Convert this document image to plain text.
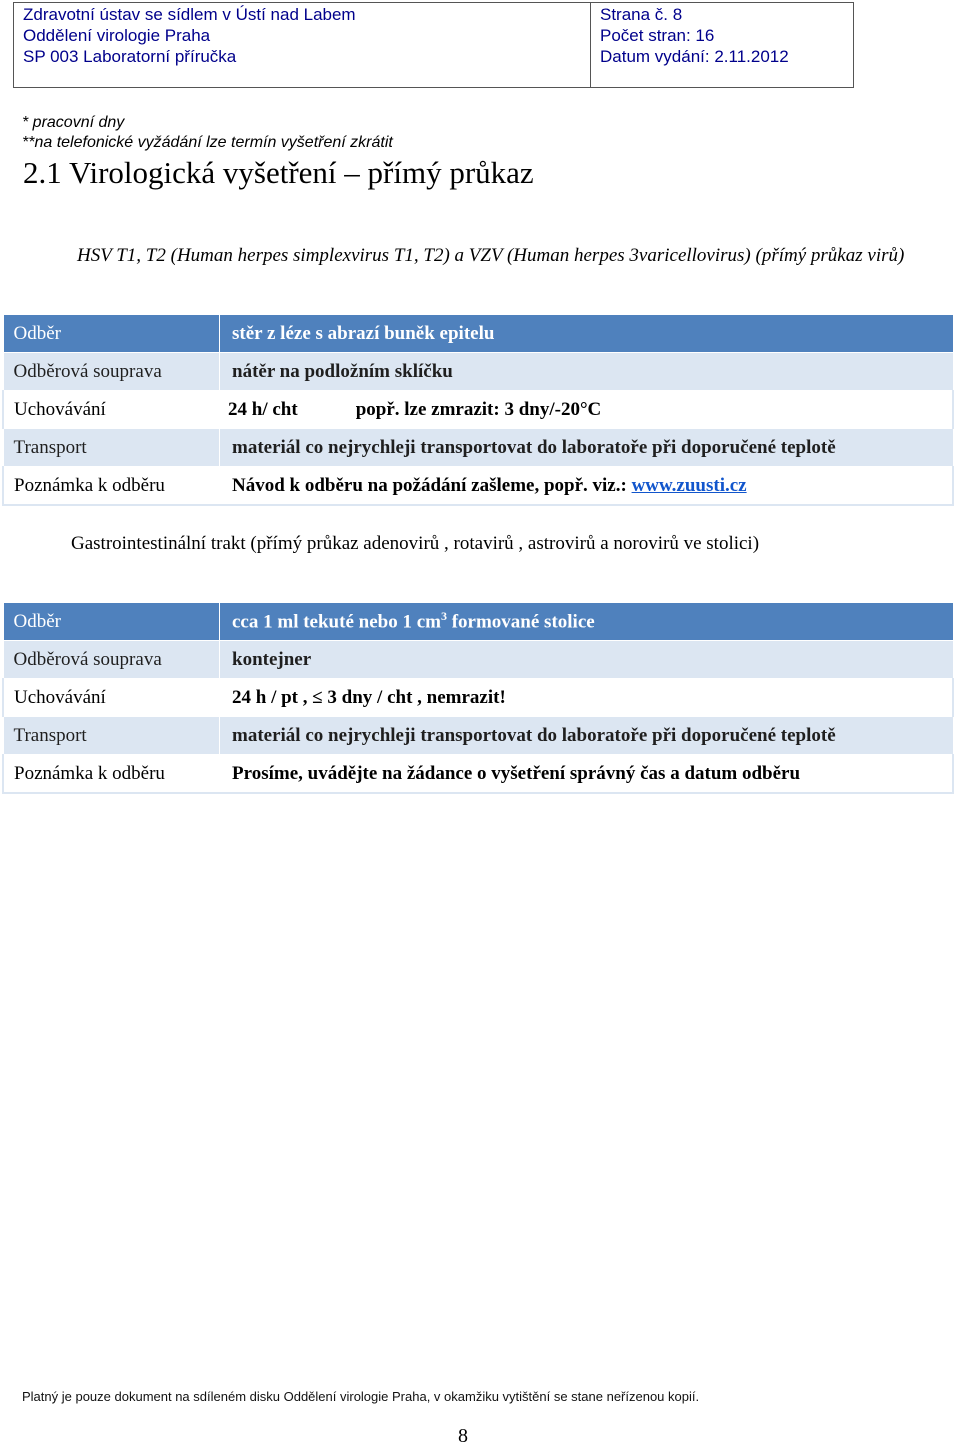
Zdravotní ústav se sídlem v Ústí nad Labem
Oddělení virologie Praha
SP 003 Laboratorní příručka
Strana č. 8
Počet stran: 16
Datum vydání: 2.11.2012
* pracovní dny
**na telefonické vyžádání lze termín vyšetření zkrátit
2.1 Virologická vyšetření – přímý průkaz
HSV T1, T2 (Human herpes simplexvirus T1, T2) a VZV (Human herpes 3varicellovirus) (přímý průkaz virů)
Odběr	stěr z léze s abrazí buněk epitelu
Odběrová souprava	nátěr na podložním sklíčku
Uchovávání	24 h/ cht popř. lze zmrazit: 3 dny/-20°C
Transport	materiál co nejrychleji transportovat do laboratoře při doporučené teplotě
Poznámka k odběru	Návod k odběru na požádání zašleme, popř. viz.: www.zuusti.cz
Gastrointestinální trakt (přímý průkaz adenovirů , rotavirů , astrovirů a norovirů ve stolici)
Odběr	cca 1 ml tekuté nebo 1 $cm^3$ formované stolice
Odběrová souprava	kontejner
Uchovávání	24 h / pt , ≤ 3 dny / cht , nemrazit!
Transport	materiál co nejrychleji transportovat do laboratoře při doporučené teplotě
Poznámka k odběru	Prosíme, uvádějte na žádance o vyšetření správný čas a datum odběru
Platný je pouze dokument na sdíleném disku Oddělení virologie Praha, v okamžiku vytištění se stane neřízenou kopií.
8
